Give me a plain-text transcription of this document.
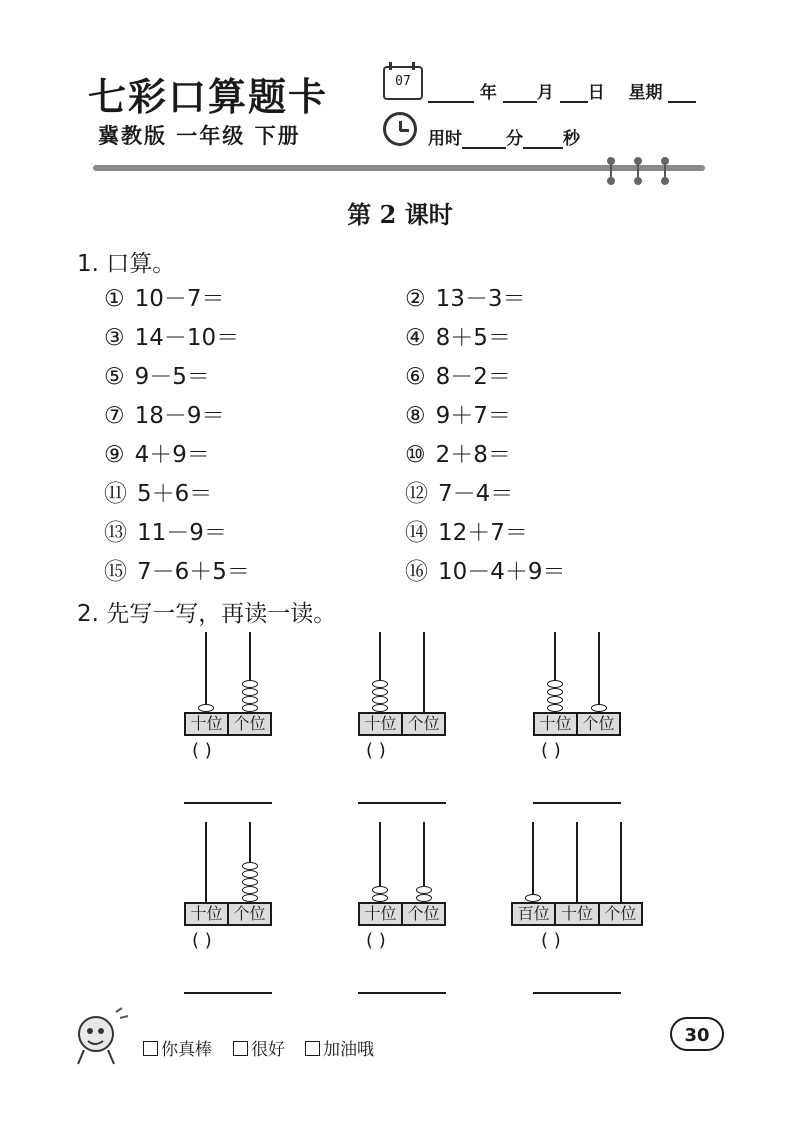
七彩口算题卡
冀教版 一年级 下册
07
年 月 日 星期
用时	分 秒
第 2 课时
1. 口算。
① 10－7＝	② 13－3＝
③ 14－10＝	④ 8＋5＝
⑤ 9－5＝	⑥ 8－2＝
⑦ 18－9＝	⑧ 9＋7＝
⑨ 4＋9＝	⑩ 2＋8＝
⑪ 5＋6＝	⑫ 7－4＝
⑬ 11－9＝	⑭ 12＋7＝
⑮ 7－6＋5＝	⑯ 10－4＋9＝
2. 先写一写，再读一读。
十位 个位
( )
十位 个位
( )
十位 个位
( )
十位 个位
( )
十位 个位
( )
百位 十位 个位
( )
你真棒	很好	加油哦
30
